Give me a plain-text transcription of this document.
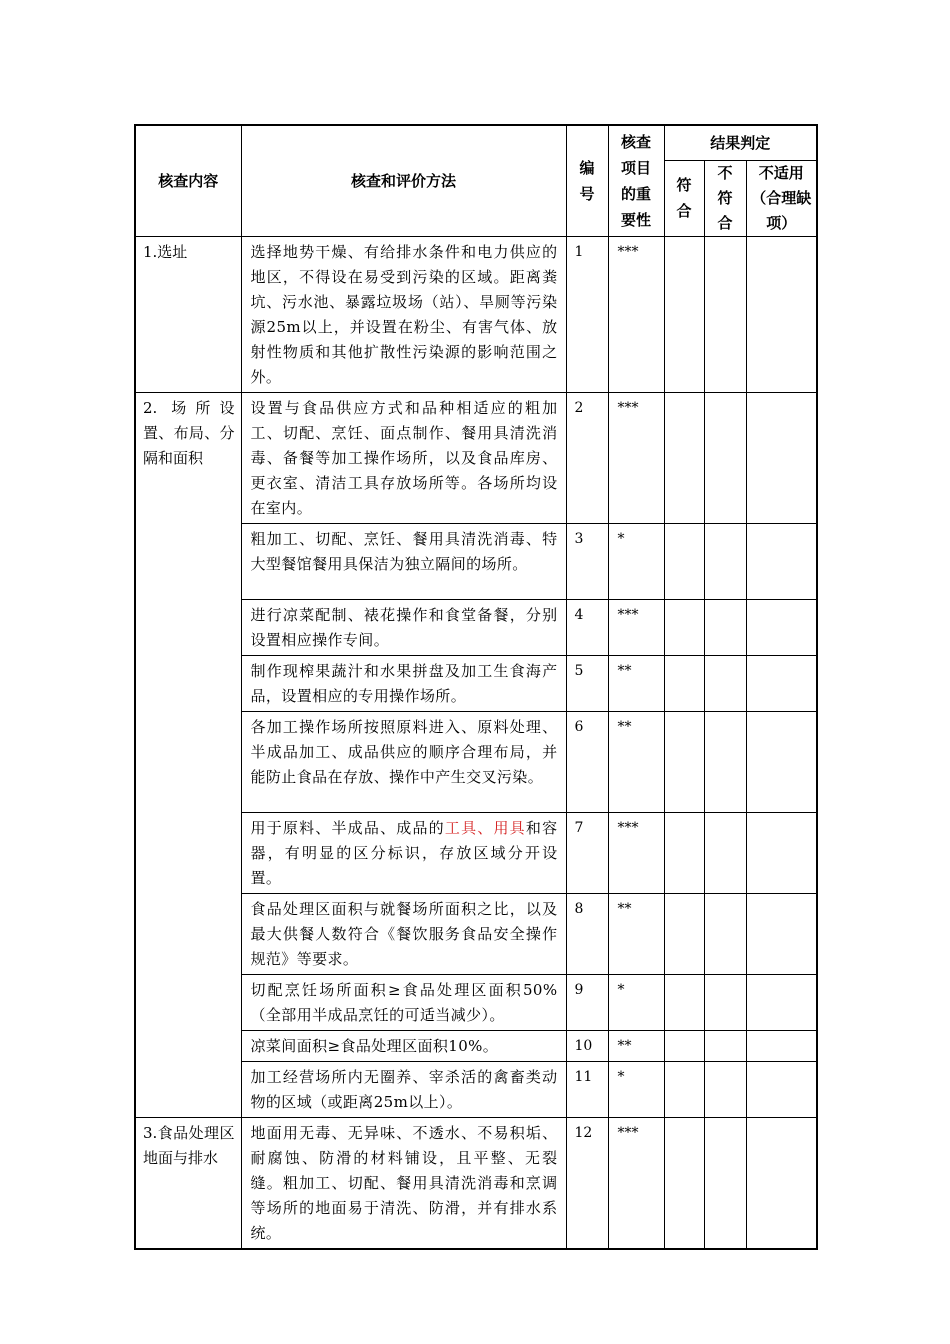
核查内容	核查和评价方法	编号	核查项目的重要性	结果判定		

				符合	不符合	不适用（合理缺项）

1.选址	选择地势干燥、有给排水条件和电力供应的地区，不得设在易受到污染的区域。距离粪坑、污水池、暴露垃圾场（站）、旱厕等污染源25m以上，并设置在粉尘、有害气体、放射性物质和其他扩散性污染源的影响范围之外。	1	***			
2. 场所设置、布局、分隔和面积	设置与食品供应方式和品种相适应的粗加工、切配、烹饪、面点制作、餐用具清洗消毒、备餐等加工操作场所，以及食品库房、更衣室、清洁工具存放场所等。各场所均设在室内。	2	***			
	粗加工、切配、烹饪、餐用具清洗消毒、特大型餐馆餐用具保洁为独立隔间的场所。	3	*			
	进行凉菜配制、裱花操作和食堂备餐，分别设置相应操作专间。	4	***			
	制作现榨果蔬汁和水果拼盘及加工生食海产品，设置相应的专用操作场所。	5	**			
	各加工操作场所按照原料进入、原料处理、半成品加工、成品供应的顺序合理布局，并能防止食品在存放、操作中产生交叉污染。	6	**			
	用于原料、半成品、成品的工具、用具和容器，有明显的区分标识，存放区域分开设置。	7	***			
	食品处理区面积与就餐场所面积之比，以及最大供餐人数符合《餐饮服务食品安全操作规范》等要求。	8	**			
	切配烹饪场所面积≥食品处理区面积50%（全部用半成品烹饪的可适当减少）。	9	*			
	凉菜间面积≥食品处理区面积10%。	10	**			
	加工经营场所内无圈养、宰杀活的禽畜类动物的区域（或距离25m以上）。	11	*			
3.食品处理区地面与排水	地面用无毒、无异味、不透水、不易积垢、耐腐蚀、防滑的材料铺设，且平整、无裂缝。粗加工、切配、餐用具清洗消毒和烹调等场所的地面易于清洗、防滑，并有排水系统。	12	***			
